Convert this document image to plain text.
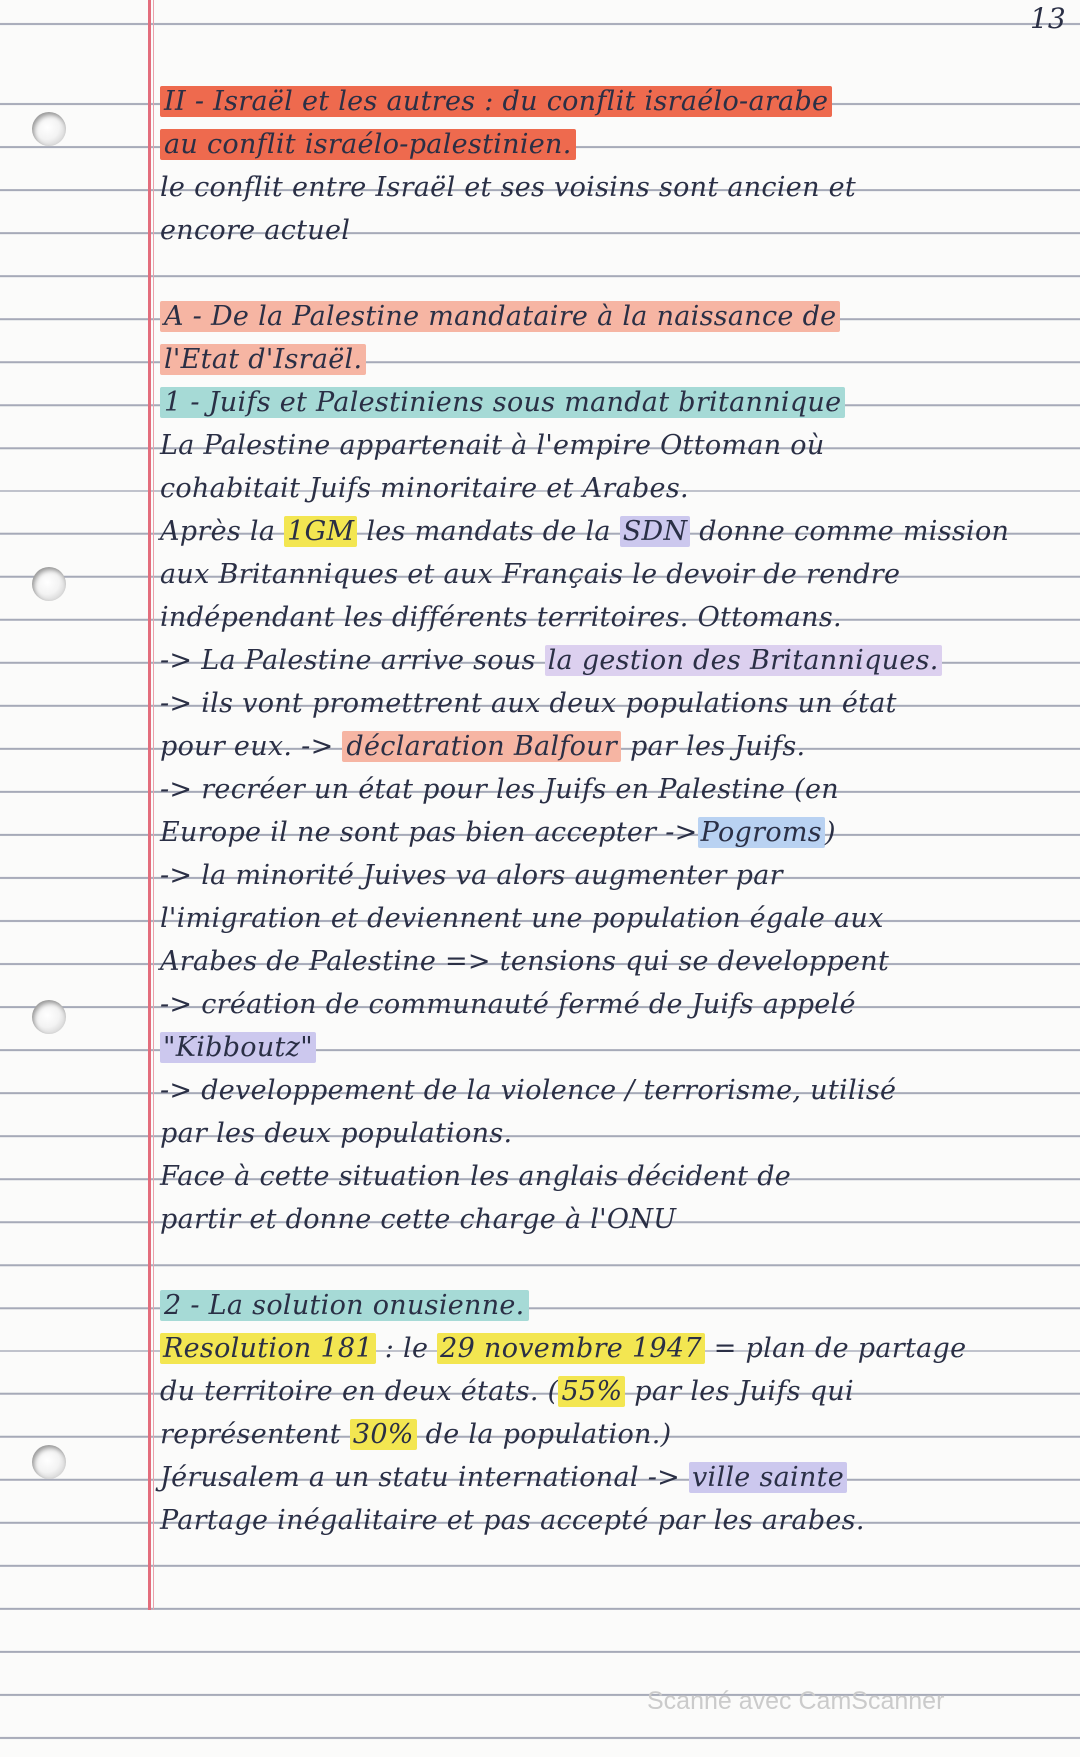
13
II - Israël et les autres : du conflit israélo-arabe
au conflit israélo-palestinien.
le conflit entre Israël et ses voisins sont ancien et
encore actuel
A - De la Palestine mandataire à la naissance de
l'Etat d'Israël.
1 - Juifs et Palestiniens sous mandat britannique
La Palestine appartenait à l'empire Ottoman où
cohabitait Juifs minoritaire et Arabes.
Après la 1GM les mandats de la SDN donne comme mission
aux Britanniques et aux Français le devoir de rendre
indépendant les différents territoires. Ottomans.
-> La Palestine arrive sous la gestion des Britanniques.
-> ils vont promettrent aux deux populations un état
pour eux. -> déclaration Balfour par les Juifs.
-> recréer un état pour les Juifs en Palestine (en
Europe il ne sont pas bien accepter -> Pogroms )
-> la minorité Juives va alors augmenter par
l'imigration et deviennent une population égale aux
Arabes de Palestine => tensions qui se developpent
-> création de communauté fermé de Juifs appelé
"Kibboutz"
-> developpement de la violence / terrorisme, utilisé
par les deux populations.
Face à cette situation les anglais décident de
partir et donne cette charge à l'ONU
2 - La solution onusienne.
Resolution 181 : le 29 novembre 1947 = plan de partage
du territoire en deux états. ( 55% par les Juifs qui
représentent 30% de la population.)
Jérusalem a un statu international -> ville sainte
Partage inégalitaire et pas accepté par les arabes.
Scanné avec CamScanner
